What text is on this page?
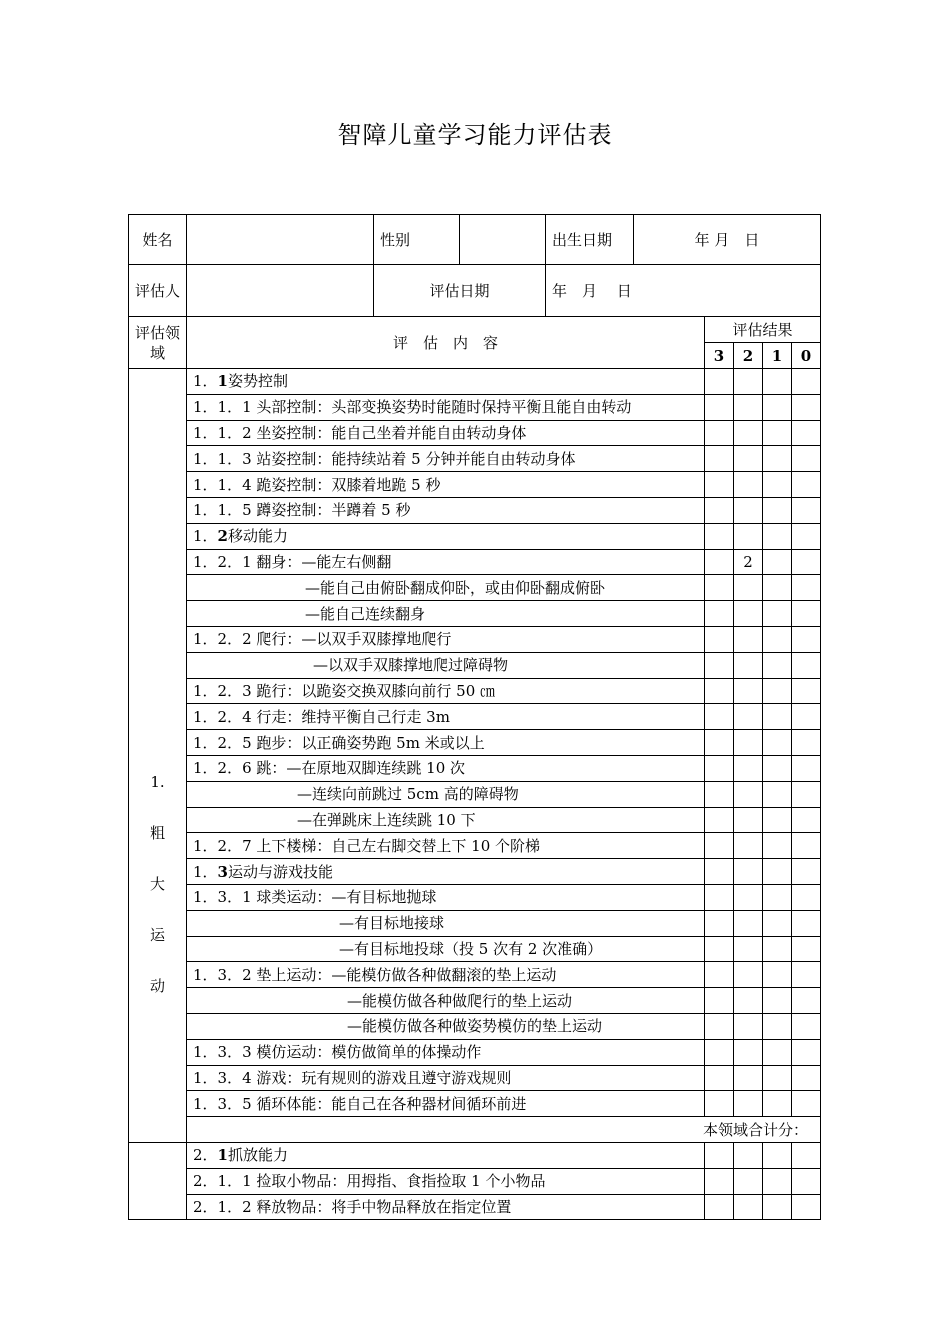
智障儿童学习能力评估表
姓名		性别		出生日期	年 月　日				
评估人		评估日期		年　月　 日					
评估领域	评　估　内　容					评估结果			
						3	2	1	0

1.
粗
大
运
动	1．1姿势控制								
	1．1．1 头部控制：头部变换姿势时能随时保持平衡且能自由转动								
	1．1．2 坐姿控制：能自己坐着并能自由转动身体								
	1．1．3 站姿控制：能持续站着 5 分钟并能自由转动身体								
	1．1．4 跪姿控制：双膝着地跪 5 秒								
	1．1．5 蹲姿控制：半蹲着 5 秒								
	1．2移动能力								
	1．2．1 翻身：—能左右侧翻						2		
	—能自己由俯卧翻成仰卧，或由仰卧翻成俯卧								
	—能自己连续翻身								
	1．2．2 爬行：—以双手双膝撑地爬行								
	—以双手双膝撑地爬过障碍物								
	1．2．3 跪行：以跪姿交换双膝向前行 50 ㎝								
	1．2．4 行走：维持平衡自己行走 3m								
	1．2．5 跑步：以正确姿势跑 5m 米或以上								
	1．2．6 跳：—在原地双脚连续跳 10 次								
	—连续向前跳过 5cm 高的障碍物								
	—在弹跳床上连续跳 10 下								
	1．2．7 上下楼梯：自己左右脚交替上下 10 个阶梯								
	1．3运动与游戏技能								
	1．3．1 球类运动：—有目标地抛球								
	—有目标地接球								
	—有目标地投球（投 5 次有 2 次准确）								
	1．3．2 垫上运动：—能模仿做各种做翻滚的垫上运动								
	—能模仿做各种做爬行的垫上运动								
	—能模仿做各种做姿势模仿的垫上运动								
	1．3．3 模仿运动：模仿做简单的体操动作								
	1．3．4 游戏：玩有规则的游戏且遵守游戏规则								
	1．3．5 循环体能：能自己在各种器材间循环前进								
	本领域合计分：								
	2．1抓放能力								
	2．1．1 捡取小物品：用拇指、食指捡取 1 个小物品								
	2．1．2 释放物品：将手中物品释放在指定位置								
